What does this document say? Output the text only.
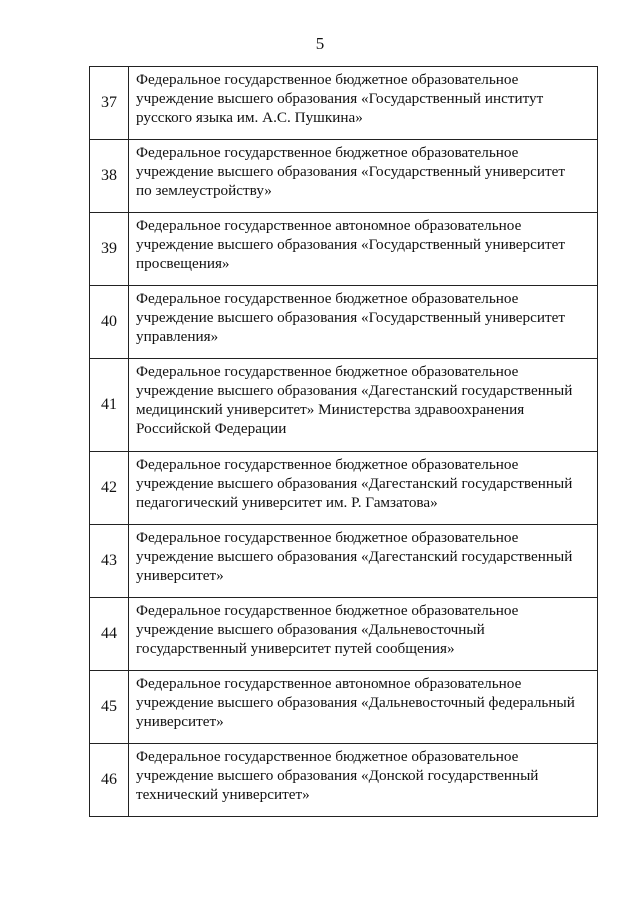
5
37	Федеральное государственное бюджетное образовательное
учреждение высшего образования «Государственный институт
русского языка им. А.С. Пушкина»

38	Федеральное государственное бюджетное образовательное
учреждение высшего образования «Государственный университет
по землеустройству»

39	Федеральное государственное автономное образовательное
учреждение высшего образования «Государственный университет
просвещения»

40	Федеральное государственное бюджетное образовательное
учреждение высшего образования «Государственный университет
управления»

41	Федеральное государственное бюджетное образовательное
учреждение высшего образования «Дагестанский государственный
медицинский университет» Министерства здравоохранения
Российской Федерации

42	Федеральное государственное бюджетное образовательное
учреждение высшего образования «Дагестанский государственный
педагогический университет им. Р. Гамзатова»

43	Федеральное государственное бюджетное образовательное
учреждение высшего образования «Дагестанский государственный
университет»

44	Федеральное государственное бюджетное образовательное
учреждение высшего образования «Дальневосточный
государственный университет путей сообщения»

45	Федеральное государственное автономное образовательное
учреждение высшего образования «Дальневосточный федеральный
университет»

46	Федеральное государственное бюджетное образовательное
учреждение высшего образования «Донской государственный
технический университет»
